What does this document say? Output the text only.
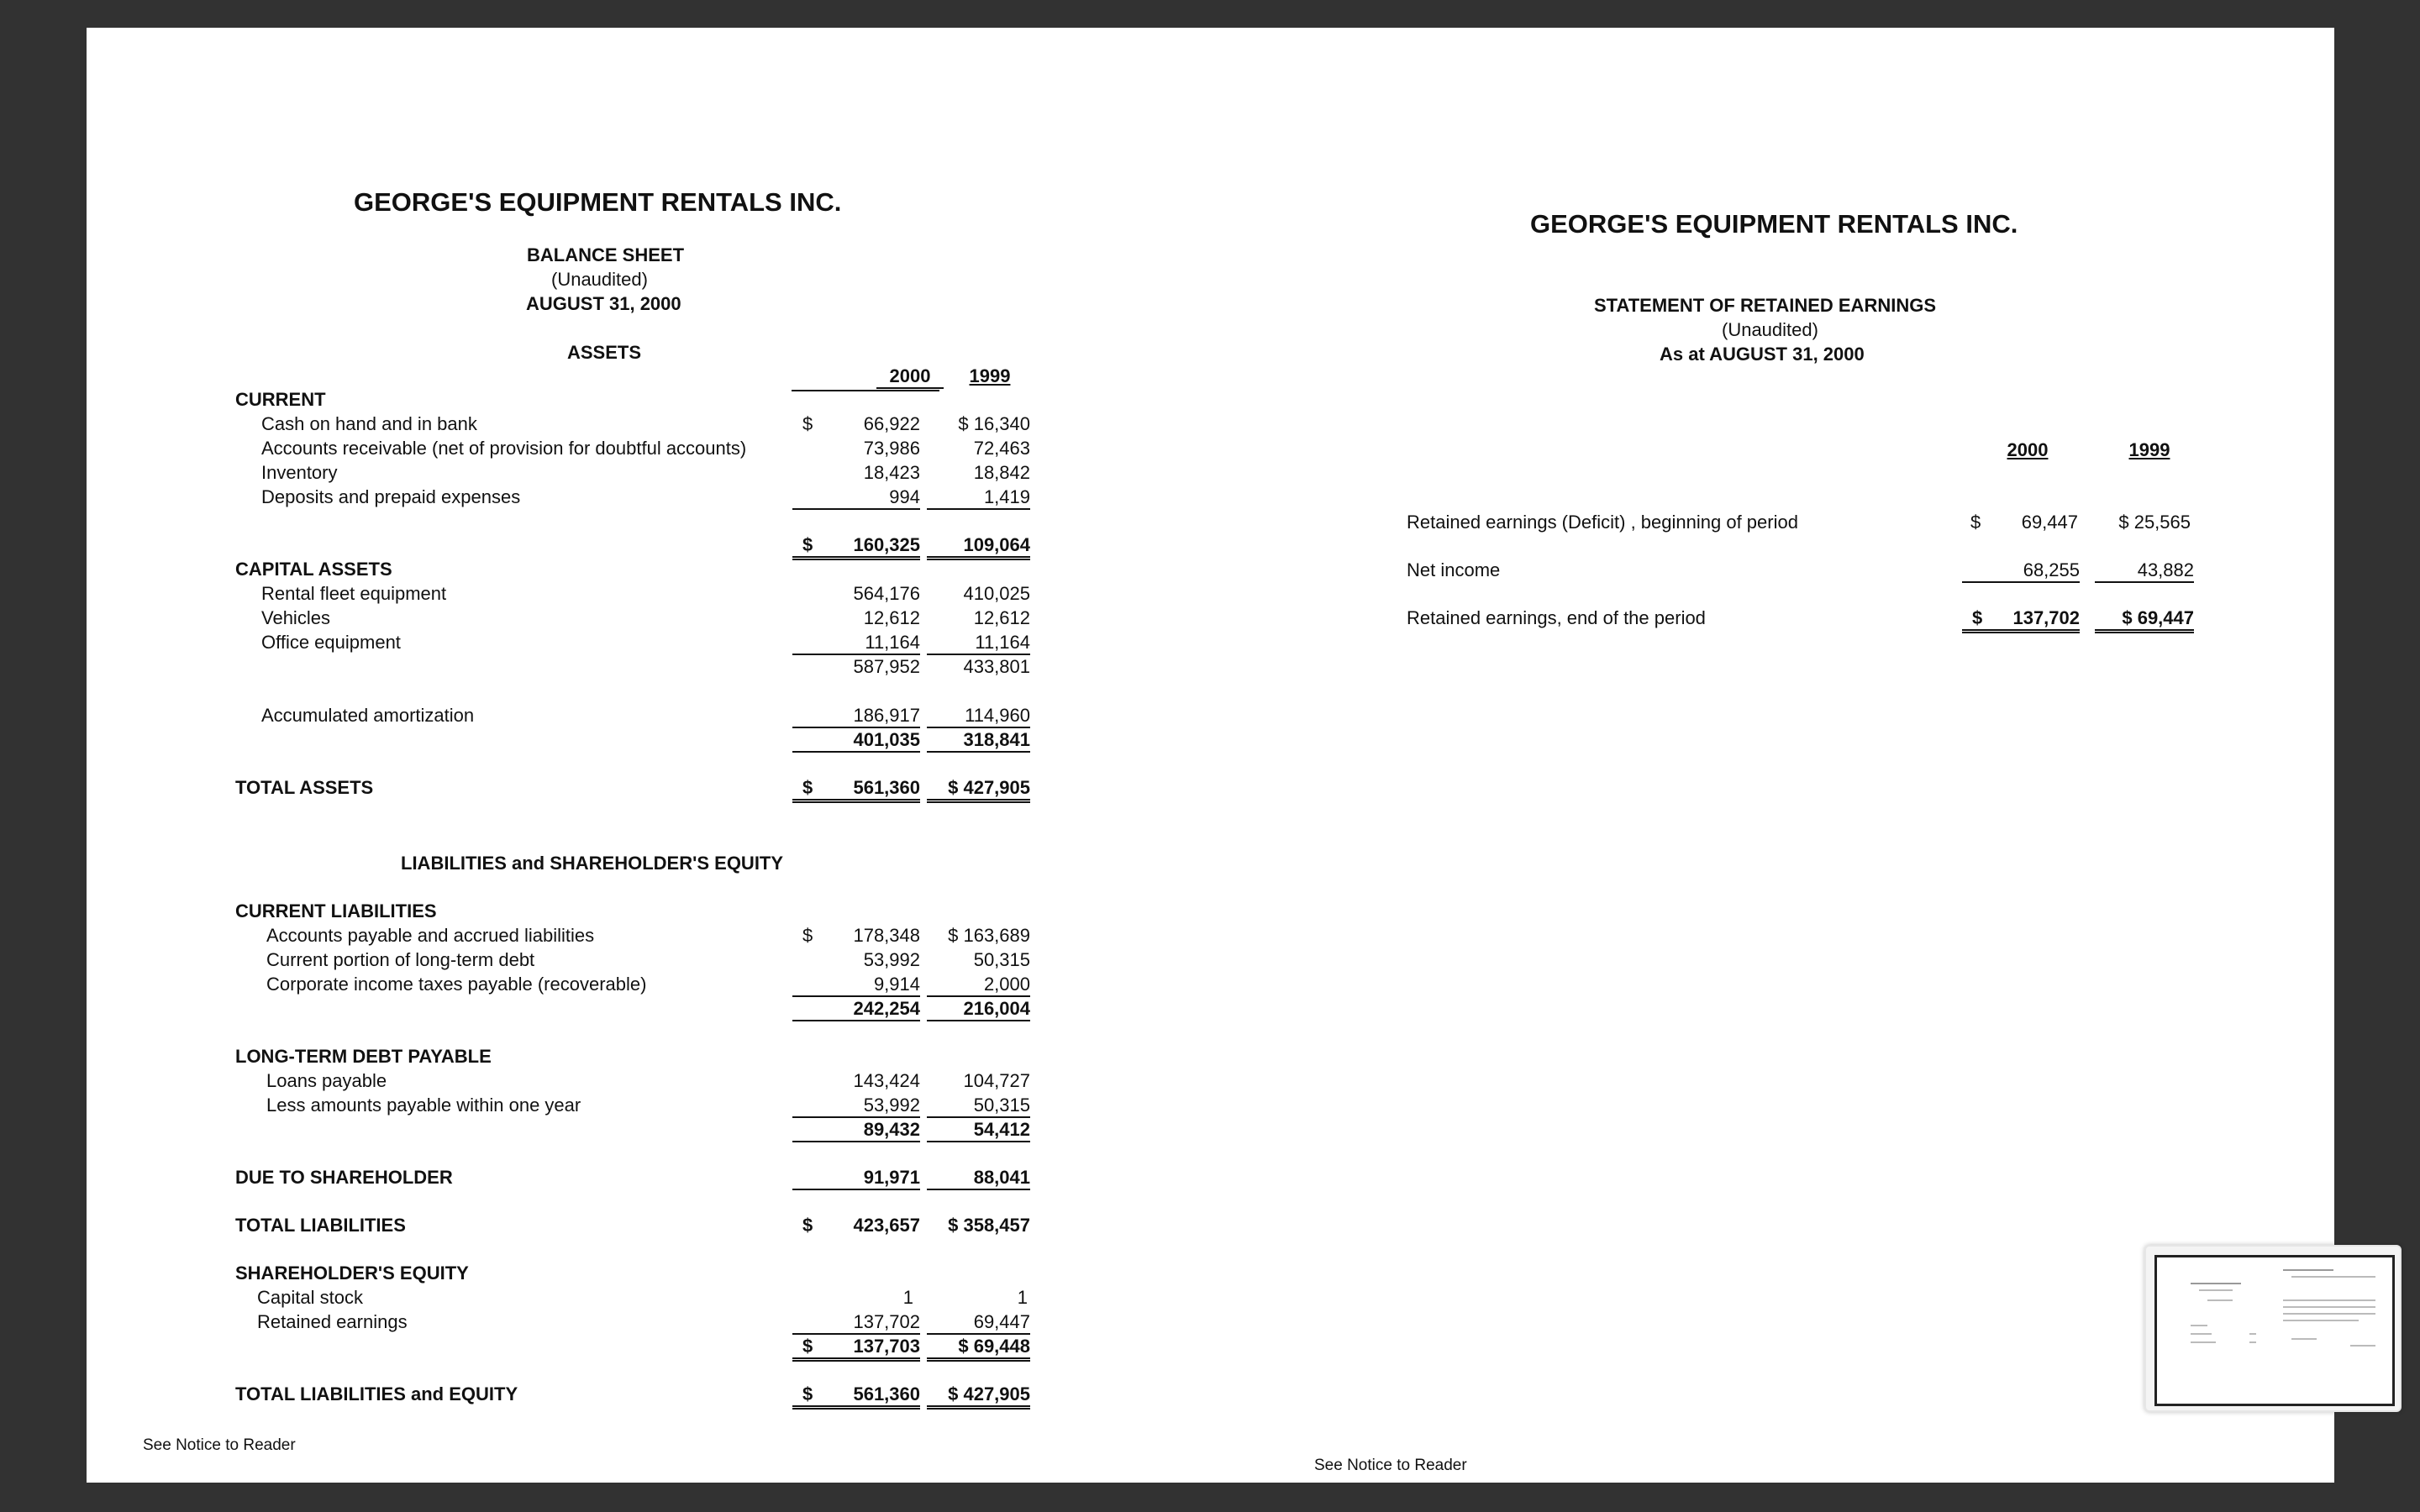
GEORGE'S EQUIPMENT RENTALS INC.
BALANCE SHEET
(Unaudited)
AUGUST 31, 2000
ASSETS
2000	1999
CURRENT
Cash on hand and in bank	$	66,922	$ 16,340
Accounts receivable (net of provision for doubtful accounts)	73,986	72,463
Inventory	18,423	18,842
Deposits and prepaid expenses	994	1,419
$	160,325	109,064
CAPITAL ASSETS
Rental fleet equipment	564,176	410,025
Vehicles	12,612	12,612
Office equipment	11,164	11,164
587,952	433,801
Accumulated amortization	186,917	114,960
401,035	318,841
TOTAL ASSETS	$	561,360	$ 427,905
LIABILITIES and SHAREHOLDER'S EQUITY
CURRENT LIABILITIES
Accounts payable and accrued liabilities	$	178,348	$ 163,689
Current portion of long-term debt	53,992	50,315
Corporate income taxes payable (recoverable)	9,914	2,000
242,254	216,004
LONG-TERM DEBT PAYABLE
Loans payable	143,424	104,727
Less amounts payable within one year	53,992	50,315
89,432	54,412
DUE TO SHAREHOLDER	91,971	88,041
TOTAL LIABILITIES	$	423,657	$ 358,457
SHAREHOLDER'S EQUITY
Capital stock	1	1
Retained earnings	137,702	69,447
$	137,703	$ 69,448
TOTAL LIABILITIES and EQUITY	$	561,360	$ 427,905
See Notice to Reader
GEORGE'S EQUIPMENT RENTALS INC.
STATEMENT OF RETAINED EARNINGS
(Unaudited)
As at AUGUST 31, 2000
2000	1999
Retained earnings (Deficit) , beginning of period	$	69,447	$ 25,565
Net income	68,255	43,882
Retained earnings, end of the period	$	137,702	$ 69,447
See Notice to Reader
